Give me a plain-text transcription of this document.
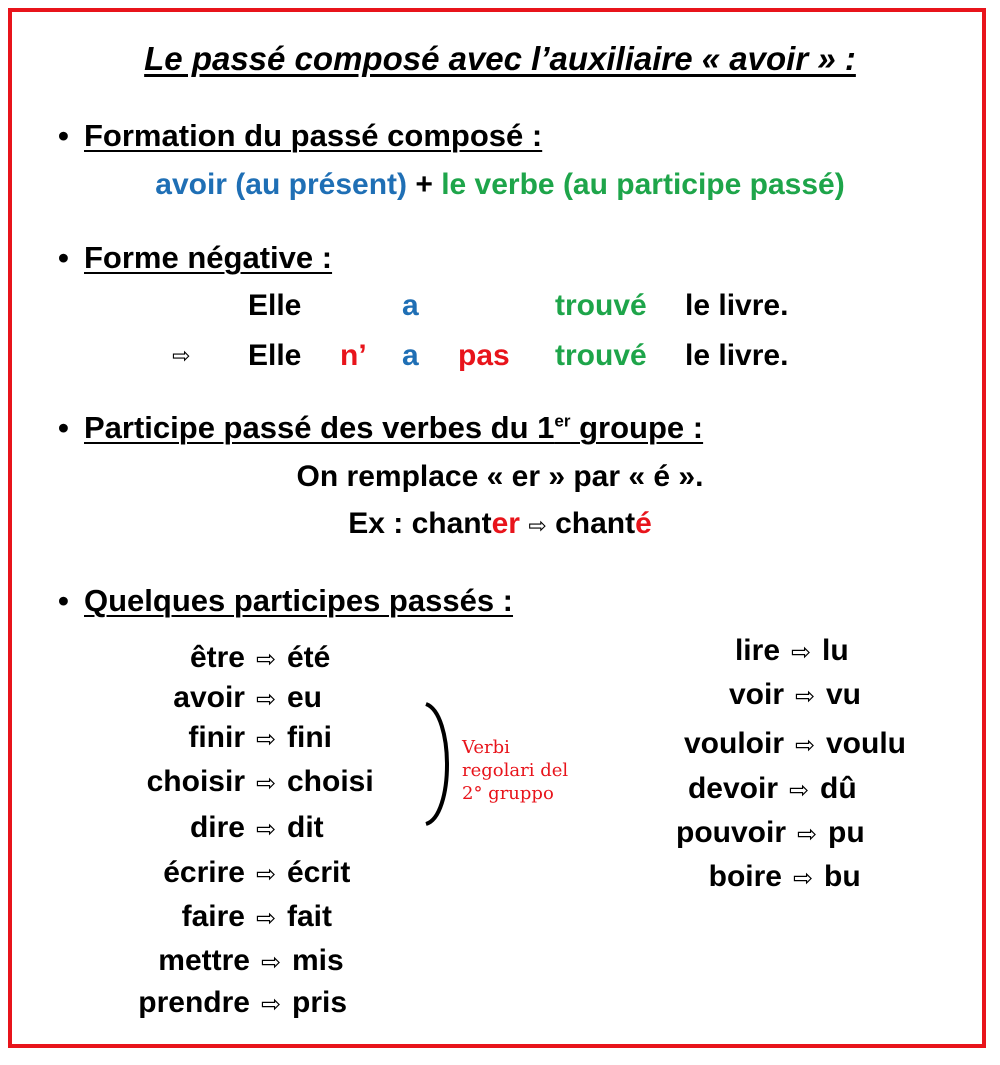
Le passé composé avec l’auxiliaire « avoir » :
• Formation du passé composé :
avoir (au présent) + le verbe (au participe passé)
• Forme négative :
Elle	a	trouvé le livre.
⇨ Elle n’ a pas trouvé le livre.
• Participe passé des verbes du 1er groupe :
On remplace « er » par « é ».
Ex : chanter ⇨ chanté
• Quelques participes passés :
être ⇨ été
avoir ⇨ eu
finir ⇨ fini
choisir ⇨ choisi
dire ⇨ dit
écrire ⇨ écrit
faire ⇨ fait
mettre ⇨ mis
prendre ⇨ pris
Verbi
regolari del
2° gruppo
lire ⇨ lu
voir ⇨ vu
vouloir ⇨ voulu
devoir ⇨ dû
pouvoir ⇨ pu
boire ⇨ bu
